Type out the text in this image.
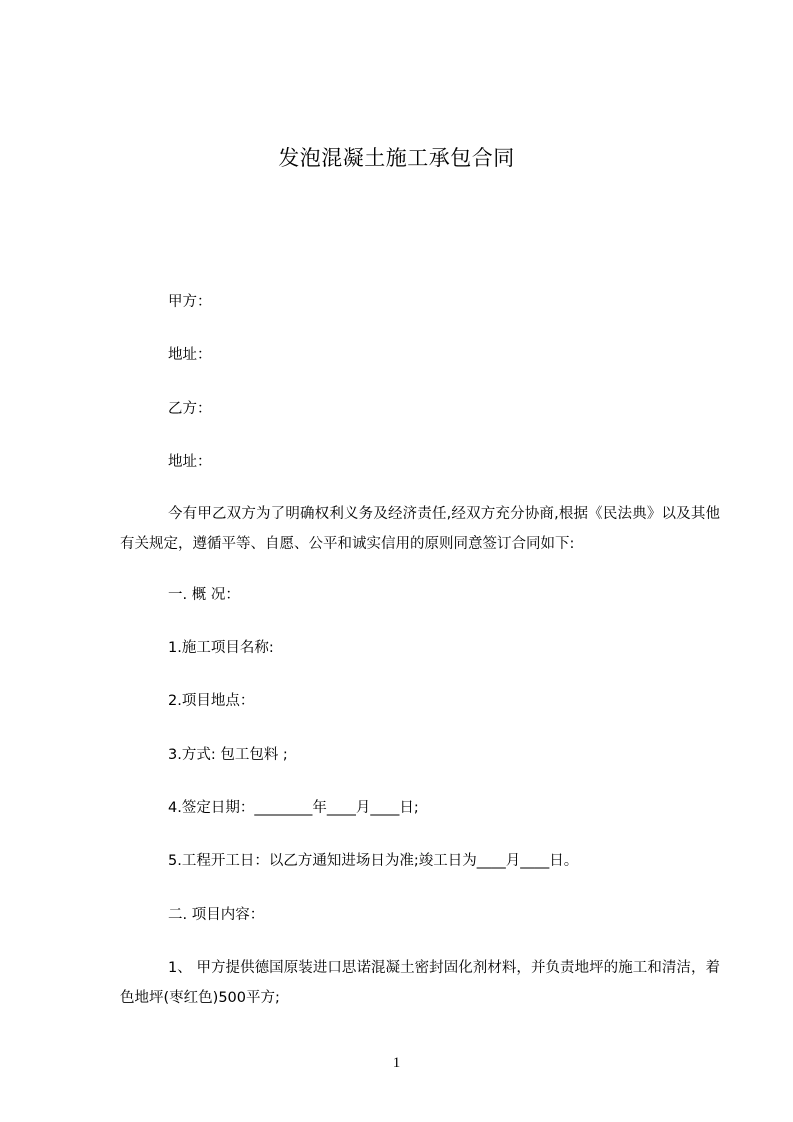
发泡混凝土施工承包合同
甲方：
地址：
乙方：
地址：
今有甲乙双方为了明确权利义务及经济责任,经双方充分协商,根据《民法典》以及其他有关规定，遵循平等、自愿、公平和诚实信用的原则同意签订合同如下:
一. 概 况：
1.施工项目名称:
2.项目地点：
3.方式: 包工包料 ;
4.签定日期：________年____月____日;
5.工程开工日：以乙方通知进场日为准;竣工日为____月____日。
二. 项目内容：
1、 甲方提供德国原装进口思诺混凝土密封固化剂材料，并负责地坪的施工和清洁，着色地坪(枣红色)500平方;
1
